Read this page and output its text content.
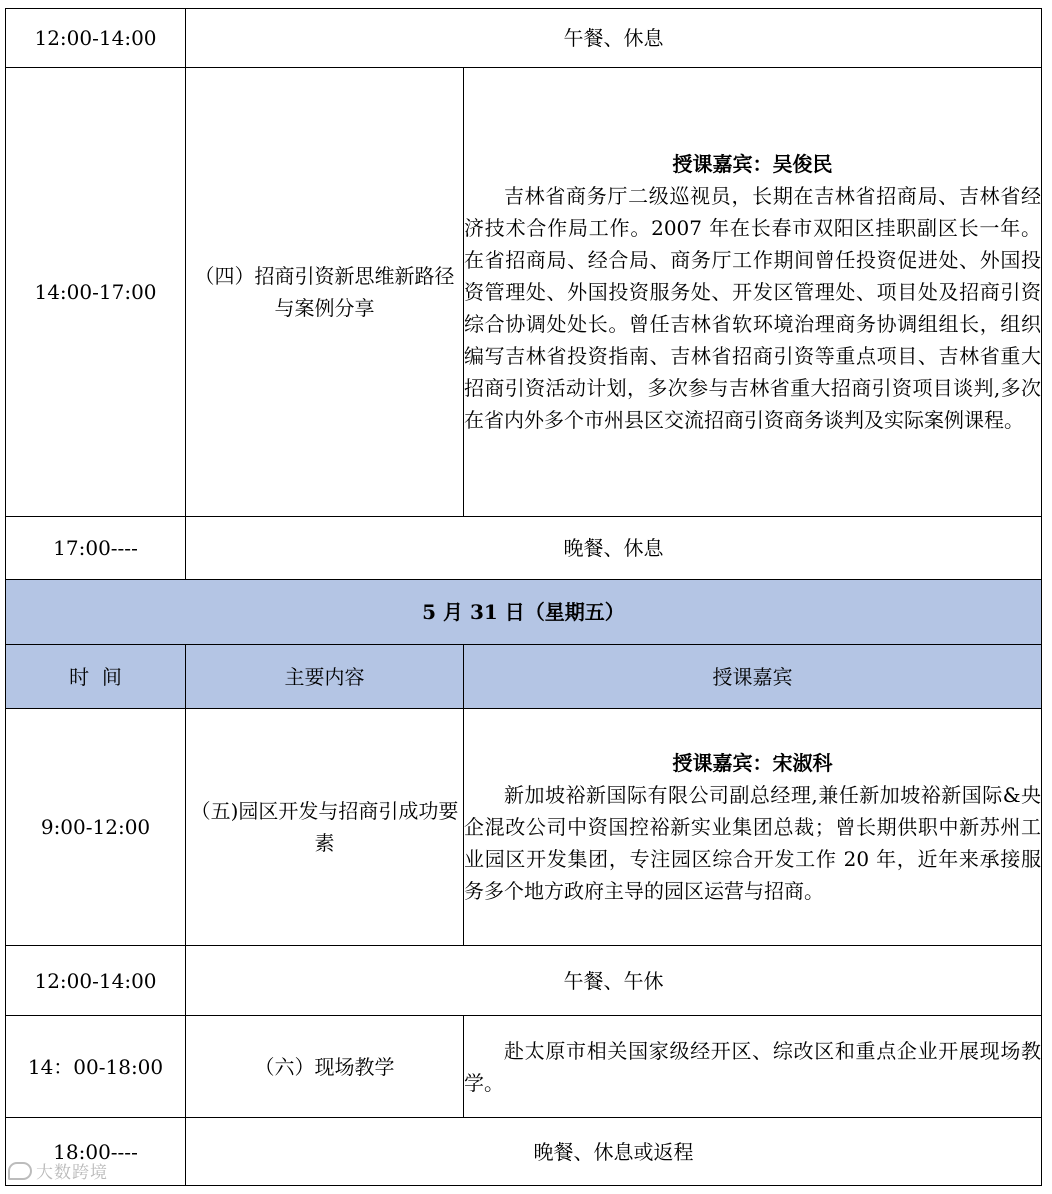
12:00-14:00	午餐、休息	
14:00-17:00	（四）招商引资新思维新路径与案例分享	授课嘉宾：吴俊民
吉林省商务厅二级巡视员，长期在吉林省招商局、吉林省经济技术合作局工作。2007 年在长春市双阳区挂职副区长一年。在省招商局、经合局、商务厅工作期间曾任投资促进处、外国投资管理处、外国投资服务处、开发区管理处、项目处及招商引资综合协调处处长。曾任吉林省软环境治理商务协调组组长，组织编写吉林省投资指南、吉林省招商引资等重点项目、吉林省重大招商引资活动计划，多次参与吉林省重大招商引资项目谈判,多次在省内外多个市州县区交流招商引资商务谈判及实际案例课程。

17:00----	晚餐、休息	
5 月 31 日（星期五）		
时  间	主要内容	授课嘉宾
9:00-12:00	（五)园区开发与招商引成功要素	授课嘉宾：宋淑科
新加坡裕新国际有限公司副总经理,兼任新加坡裕新国际&央企混改公司中资国控裕新实业集团总裁；曾长期供职中新苏州工业园区开发集团，专注园区综合开发工作 20 年，近年来承接服务多个地方政府主导的园区运营与招商。

12:00-14:00	午餐、午休	
14：00-18:00	（六）现场教学	赴太原市相关国家级经开区、综改区和重点企业开展现场教学。

18:00----	晚餐、休息或返程	
大数跨境
